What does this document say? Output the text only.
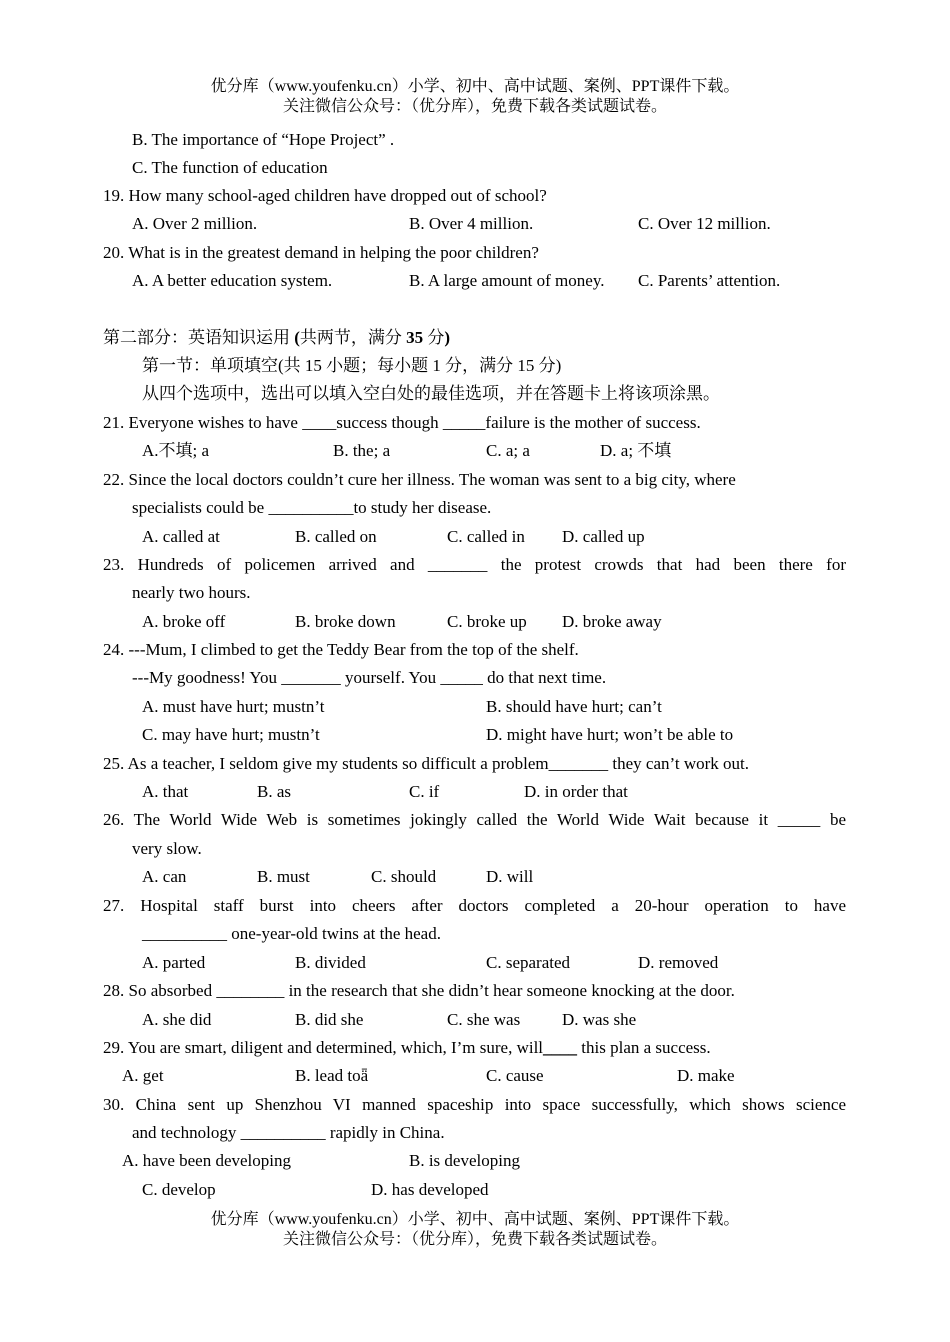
优分库（www.youfenku.cn）小学、初中、高中试题、案例、PPT课件下载。
关注微信公众号：（优分库），免费下载各类试题试卷。
B. The importance of “Hope Project” .
C. The function of education
19. How many school-aged children have dropped out of school?
A. Over 2 million.	B. Over 4 million.	C. Over 12 million.
20. What is in the greatest demand in helping the poor children?
A. A better education system.	B. A large amount of money. C. Parents’ attention.
第二部分：英语知识运用 (共两节，满分 35 分)
第一节：单项填空(共 15 小题；每小题 1 分，满分 15 分)
从四个选项中，选出可以填入空白处的最佳选项，并在答题卡上将该项涂黑。
21. Everyone wishes to have ____success though _____failure is the mother of success.
A.不填; a	B. the; a	C. a; a	D. a; 不填
22. Since the local doctors couldn’t cure her illness. The woman was sent to a big city, where
specialists could be __________to study her disease.
A. called at	B. called on	C. called in D. called up
23. Hundreds of policemen arrived and _______ the protest crowds that had been there for
nearly two hours.
A. broke off	B. broke down	C. broke up D. broke away
24. ---Mum, I climbed to get the Teddy Bear from the top of the shelf.
---My goodness! You _______ yourself. You _____ do that next time.
A. must have hurt; mustn’t	B. should have hurt; can’t
C. may have hurt; mustn’t	D. might have hurt; won’t be able to
25. As a teacher, I seldom give my students so difficult a problem_______ they can’t work out.
A. that	B. as	C. if	D. in order that
26. The World Wide Web is sometimes jokingly called the World Wide Wait because it _____ be
very slow.
A. can	B. must	C. should	D. will
27. Hospital staff burst into cheers after doctors completed a 20-hour operation to have
__________ one-year-old twins at the head.
A. parted	B. divided	C. separated	D. removed
28. So absorbed ________ in the research that she didn’t hear someone knocking at the door.
A. she did	B. did she	C. she was D. was she
29. You are smart, diligent and determined, which, I’m sure, will____ this plan a success.
A. get	B. lead toǟ	C. cause	D. make
30. China sent up Shenzhou VI manned spaceship into space successfully, which shows science
and technology __________ rapidly in China.
A. have been developing	B. is developing
C. develop	D. has developed
优分库（www.youfenku.cn）小学、初中、高中试题、案例、PPT课件下载。
关注微信公众号：（优分库），免费下载各类试题试卷。
